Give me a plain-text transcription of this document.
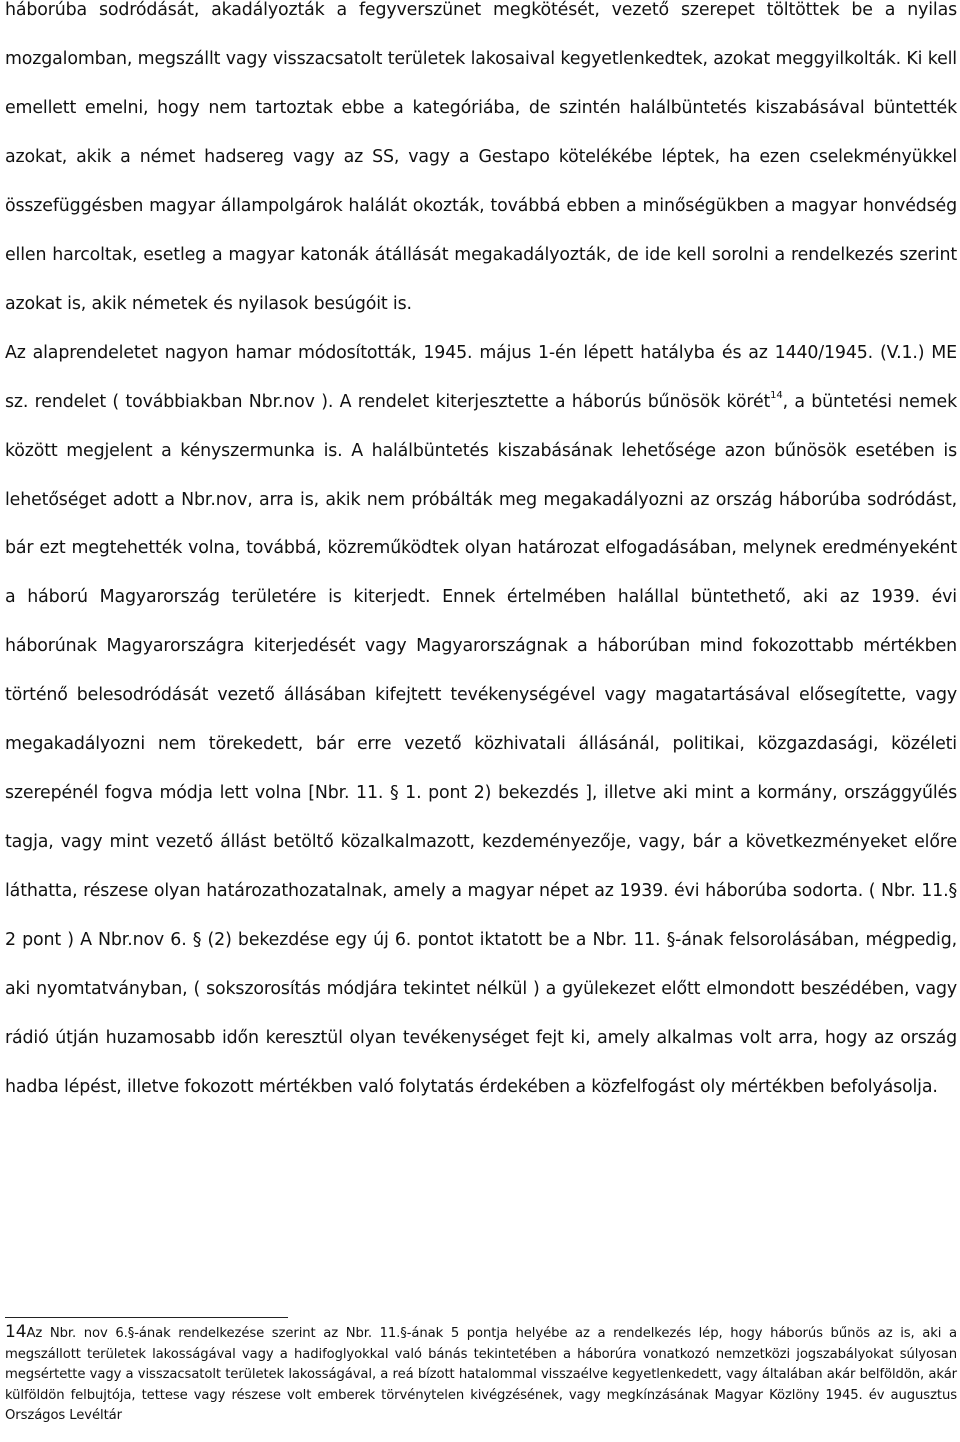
háborúba sodródását, akadályozták a fegyverszünet megkötését, vezető szerepet töltöttek be a nyilas mozgalomban, megszállt vagy visszacsatolt területek lakosaival kegyetlenkedtek, azokat meggyilkolták. Ki kell emellett emelni, hogy nem tartoztak ebbe a kategóriába, de szintén halálbüntetés kiszabásával büntették azokat, akik a német hadsereg vagy az SS, vagy a Gestapo kötelékébe léptek, ha ezen cselekményükkel összefüggésben magyar állampolgárok halálát okozták, továbbá ebben a minőségükben a magyar honvédség ellen harcoltak, esetleg a magyar katonák átállását megakadályozták, de ide kell sorolni a rendelkezés szerint azokat is, akik németek és nyilasok besúgóit is.

Az alaprendeletet nagyon hamar módosították, 1945. május 1-én lépett hatályba és az 1440/1945. (V.1.) ME sz. rendelet ( továbbiakban Nbr.nov ). A rendelet kiterjesztette a háborús bűnösök körét$^{14}$, a büntetési nemek között megjelent a kényszermunka is. A halálbüntetés kiszabásának lehetősége azon bűnösök esetében is lehetőséget adott a Nbr.nov, arra is, akik nem próbálták meg megakadályozni az ország háborúba sodródást, bár ezt megtehették volna, továbbá, közreműködtek olyan határozat elfogadásában, melynek eredményeként a háború Magyarország területére is kiterjedt. Ennek értelmében halállal büntethető, aki az 1939. évi háborúnak Magyarországra kiterjedését vagy Magyarországnak a háborúban mind fokozottabb mértékben történő belesodródását vezető állásában kifejtett tevékenységével vagy magatartásával elősegítette, vagy megakadályozni nem törekedett, bár erre vezető közhivatali állásánál, politikai, közgazdasági, közéleti szerepénél fogva módja lett volna [Nbr. 11. § 1. pont 2) bekezdés ], illetve aki mint a kormány, országgyűlés tagja, vagy mint vezető állást betöltő közalkalmazott, kezdeményezője, vagy, bár a következményeket előre láthatta, részese olyan határozathozatalnak, amely a magyar népet az 1939. évi háborúba sodorta. ( Nbr. 11.§ 2 pont ) A Nbr.nov 6. § (2) bekezdése egy új 6. pontot iktatott be a Nbr. 11. §-ának felsorolásában, mégpedig, aki nyomtatványban, ( sokszorosítás módjára tekintet nélkül ) a gyülekezet előtt elmondott beszédében, vagy rádió útján huzamosabb időn keresztül olyan tevékenységet fejt ki, amely alkalmas volt arra, hogy az ország hadba lépést, illetve fokozott mértékben való folytatás érdekében a közfelfogást oly mértékben befolyásolja.

14Az Nbr. nov 6.§-ának rendelkezése szerint az Nbr. 11.§-ának 5 pontja helyébe az a rendelkezés lép, hogy háborús bűnös az is, aki a megszállott területek lakosságával vagy a hadifoglyokkal való bánás tekintetében a háborúra vonatkozó nemzetközi jogszabályokat súlyosan megsértette vagy a visszacsatolt területek lakosságával, a reá bízott hatalommal visszaélve kegyetlenkedett, vagy általában akár belföldön, akár külföldön felbujtója, tettese vagy részese volt emberek törvénytelen kivégzésének, vagy megkínzásának Magyar Közlöny 1945. év augusztus Országos Levéltár
